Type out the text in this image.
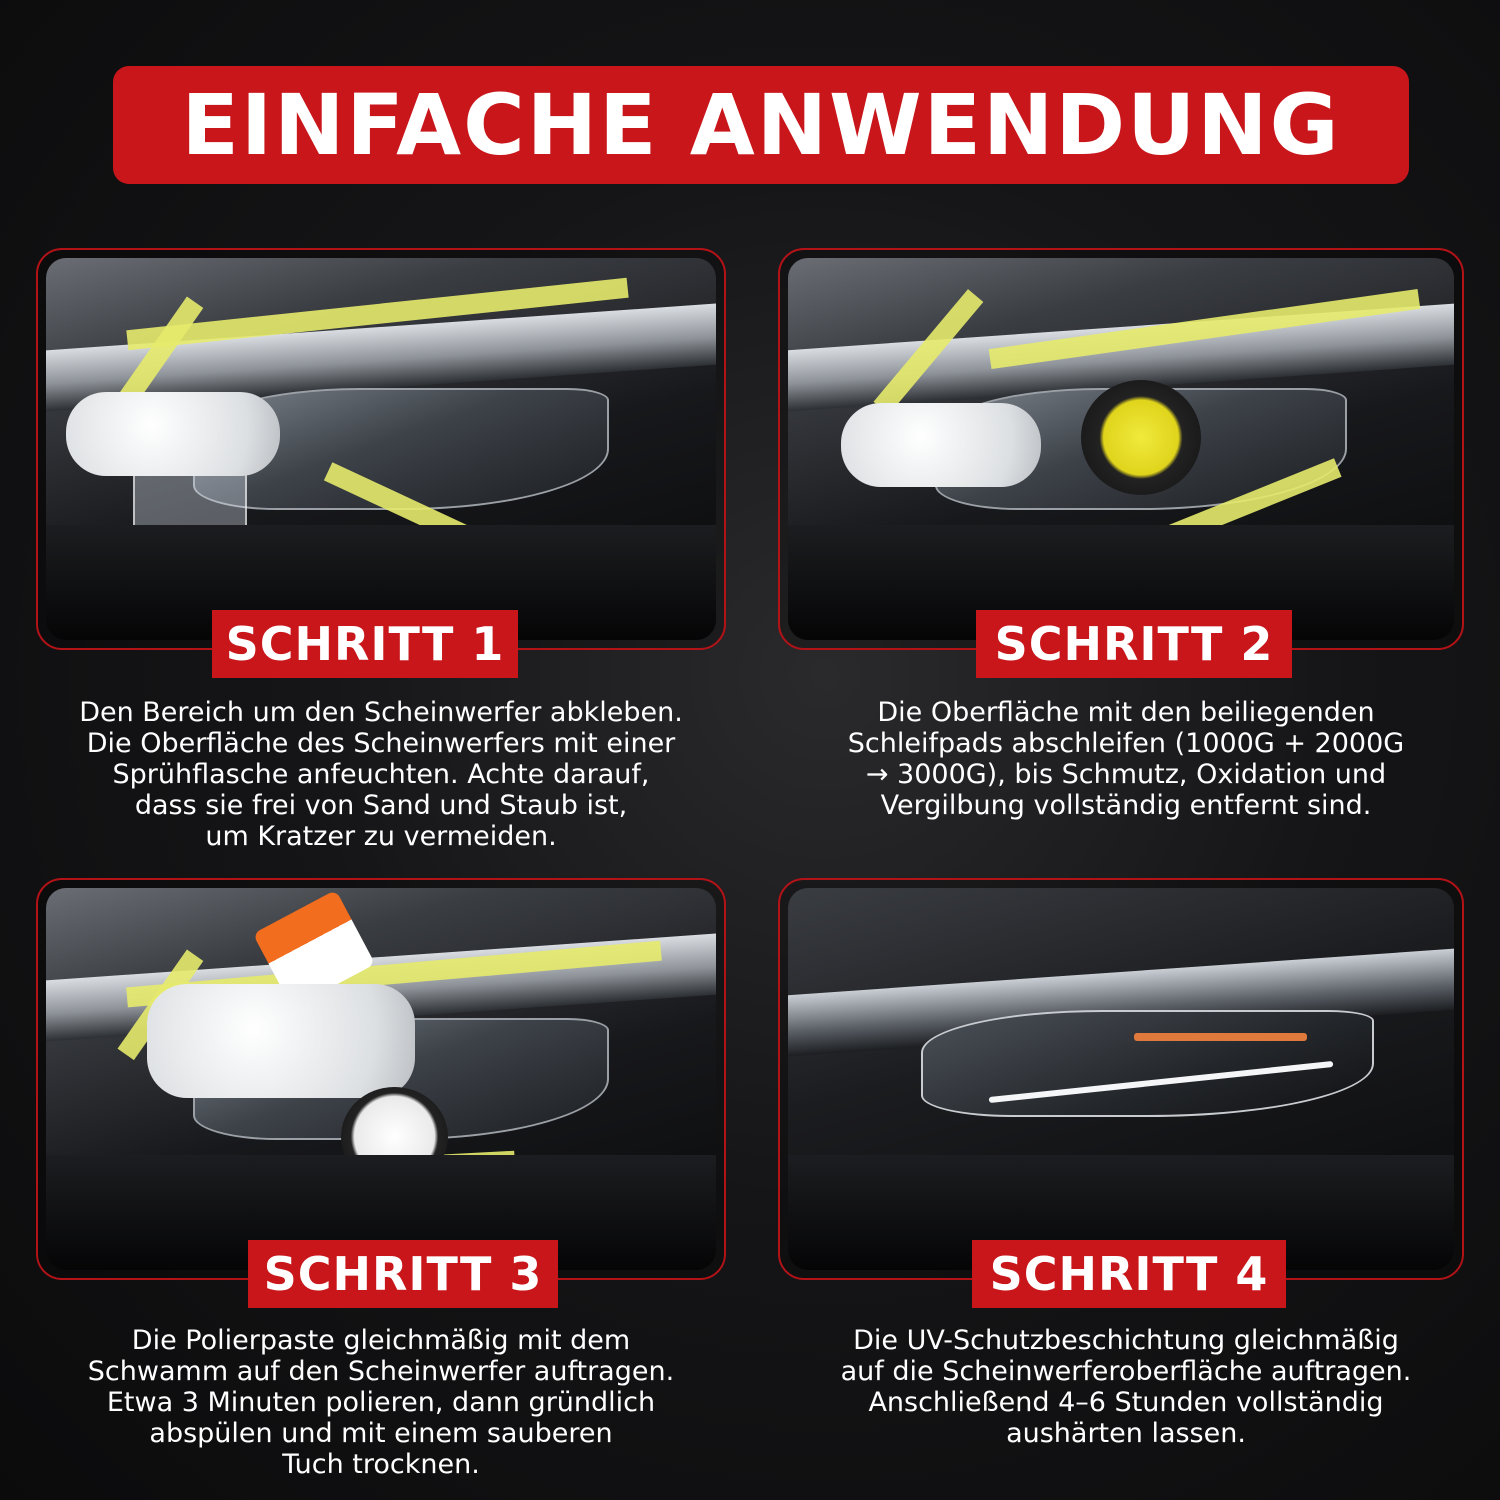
EINFACHE ANWENDUNG
SCHRITT 1
Den Bereich um den Scheinwerfer abkleben.
Die Oberfläche des Scheinwerfers mit einer
Sprühflasche anfeuchten. Achte darauf,
dass sie frei von Sand und Staub ist,
um Kratzer zu vermeiden.
SCHRITT 2
Die Oberfläche mit den beiliegenden
Schleifpads abschleifen (1000G + 2000G
→ 3000G), bis Schmutz, Oxidation und
Vergilbung vollständig entfernt sind.
SCHRITT 3
Die Polierpaste gleichmäßig mit dem
Schwamm auf den Scheinwerfer auftragen.
Etwa 3 Minuten polieren, dann gründlich
abspülen und mit einem sauberen
Tuch trocknen.
SCHRITT 4
Die UV-Schutzbeschichtung gleichmäßig
auf die Scheinwerferoberfläche auftragen.
Anschließend 4–6 Stunden vollständig
aushärten lassen.
